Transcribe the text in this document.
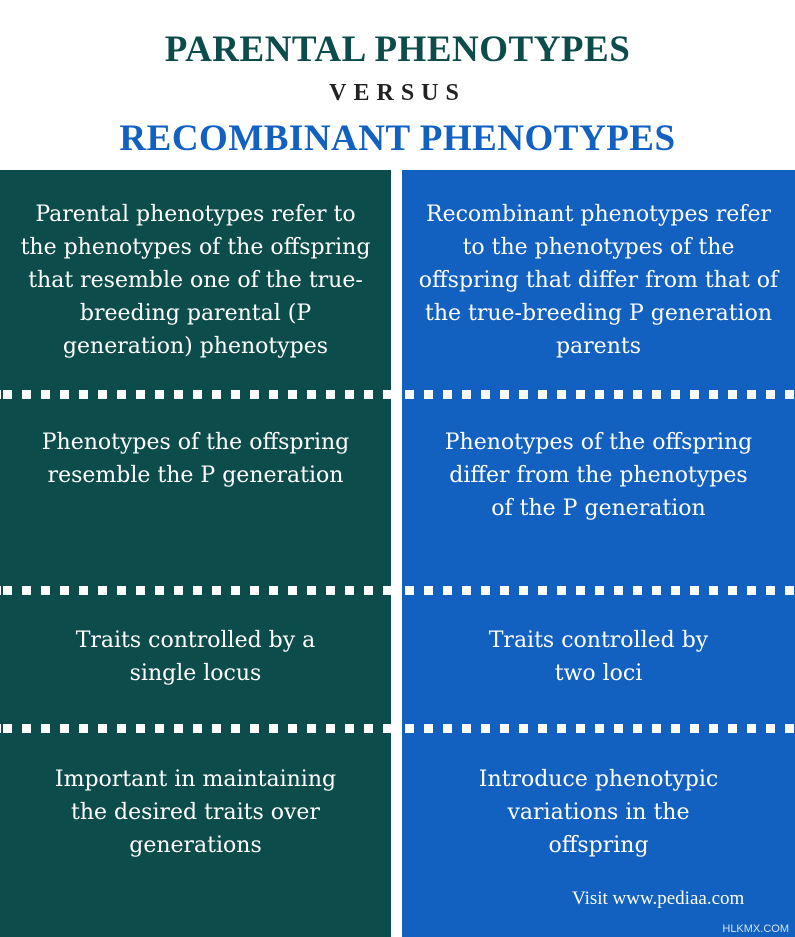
PARENTAL PHENOTYPES
VERSUS
RECOMBINANT PHENOTYPES
Parental phenotypes refer to the phenotypes of the offspring that resemble one of the true-breeding parental (P generation) phenotypes
Phenotypes of the offspring resemble the P generation
Traits controlled by a single locus
Important in maintaining the desired traits over generations
Recombinant phenotypes refer to the phenotypes of the offspring that differ from that of the true-breeding P generation parents
Phenotypes of the offspring differ from the phenotypes of the P generation
Traits controlled by two loci
Introduce phenotypic variations in the offspring
Visit www.pediaa.com
HLKMX.COM
